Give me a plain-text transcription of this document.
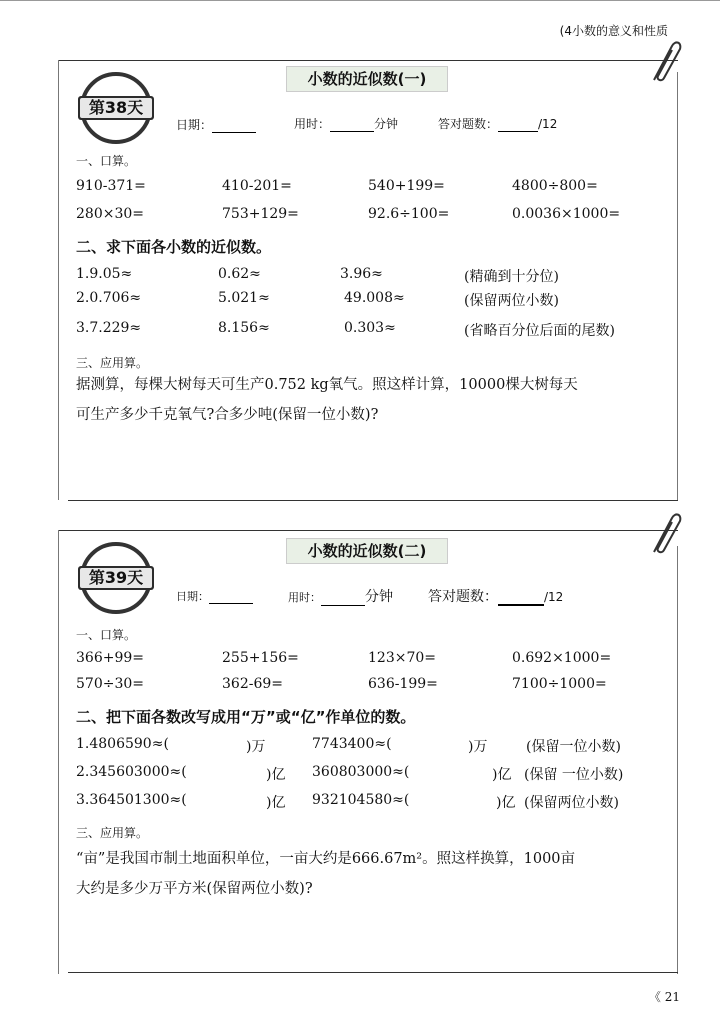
(4小数的意义和性质
小数的近似数(一)
第38天
日期：	用时：	分钟	答对题数：	/12
一、口算。
910-371=	410-201=	540+199=	4800÷800=
280×30=	753+129=	92.6÷100=	0.0036×1000=
二、求下面各小数的近似数。
1.9.05≈	0.62≈	3.96≈	(精确到十分位)
2.0.706≈	5.021≈	49.008≈	(保留两位小数)
3.7.229≈	8.156≈	0.303≈	(省略百分位后面的尾数)
三、应用算。
据测算，每棵大树每天可生产0.752 kg氧气。照这样计算，10000棵大树每天
可生产多少千克氧气?合多少吨(保留一位小数)?
小数的近似数(二)
第39天
日期：	用时：	分钟	答对题数：	/12
一、口算。
366+99=	255+156=	123×70=	0.692×1000=
570÷30=	362-69=	636-199=	7100÷1000=
二、把下面各数改写成用“万”或“亿”作单位的数。
1.4806590≈(	)万	7743400≈(	)万	(保留一位小数)
2.345603000≈(	)亿 360803000≈(	)亿 (保留 一位小数)
3.364501300≈(	)亿 932104580≈(	)亿 (保留两位小数)
三、应用算。
“亩”是我国市制土地面积单位，一亩大约是666.67m²。照这样换算，1000亩
大约是多少万平方米(保留两位小数)?
《 21
